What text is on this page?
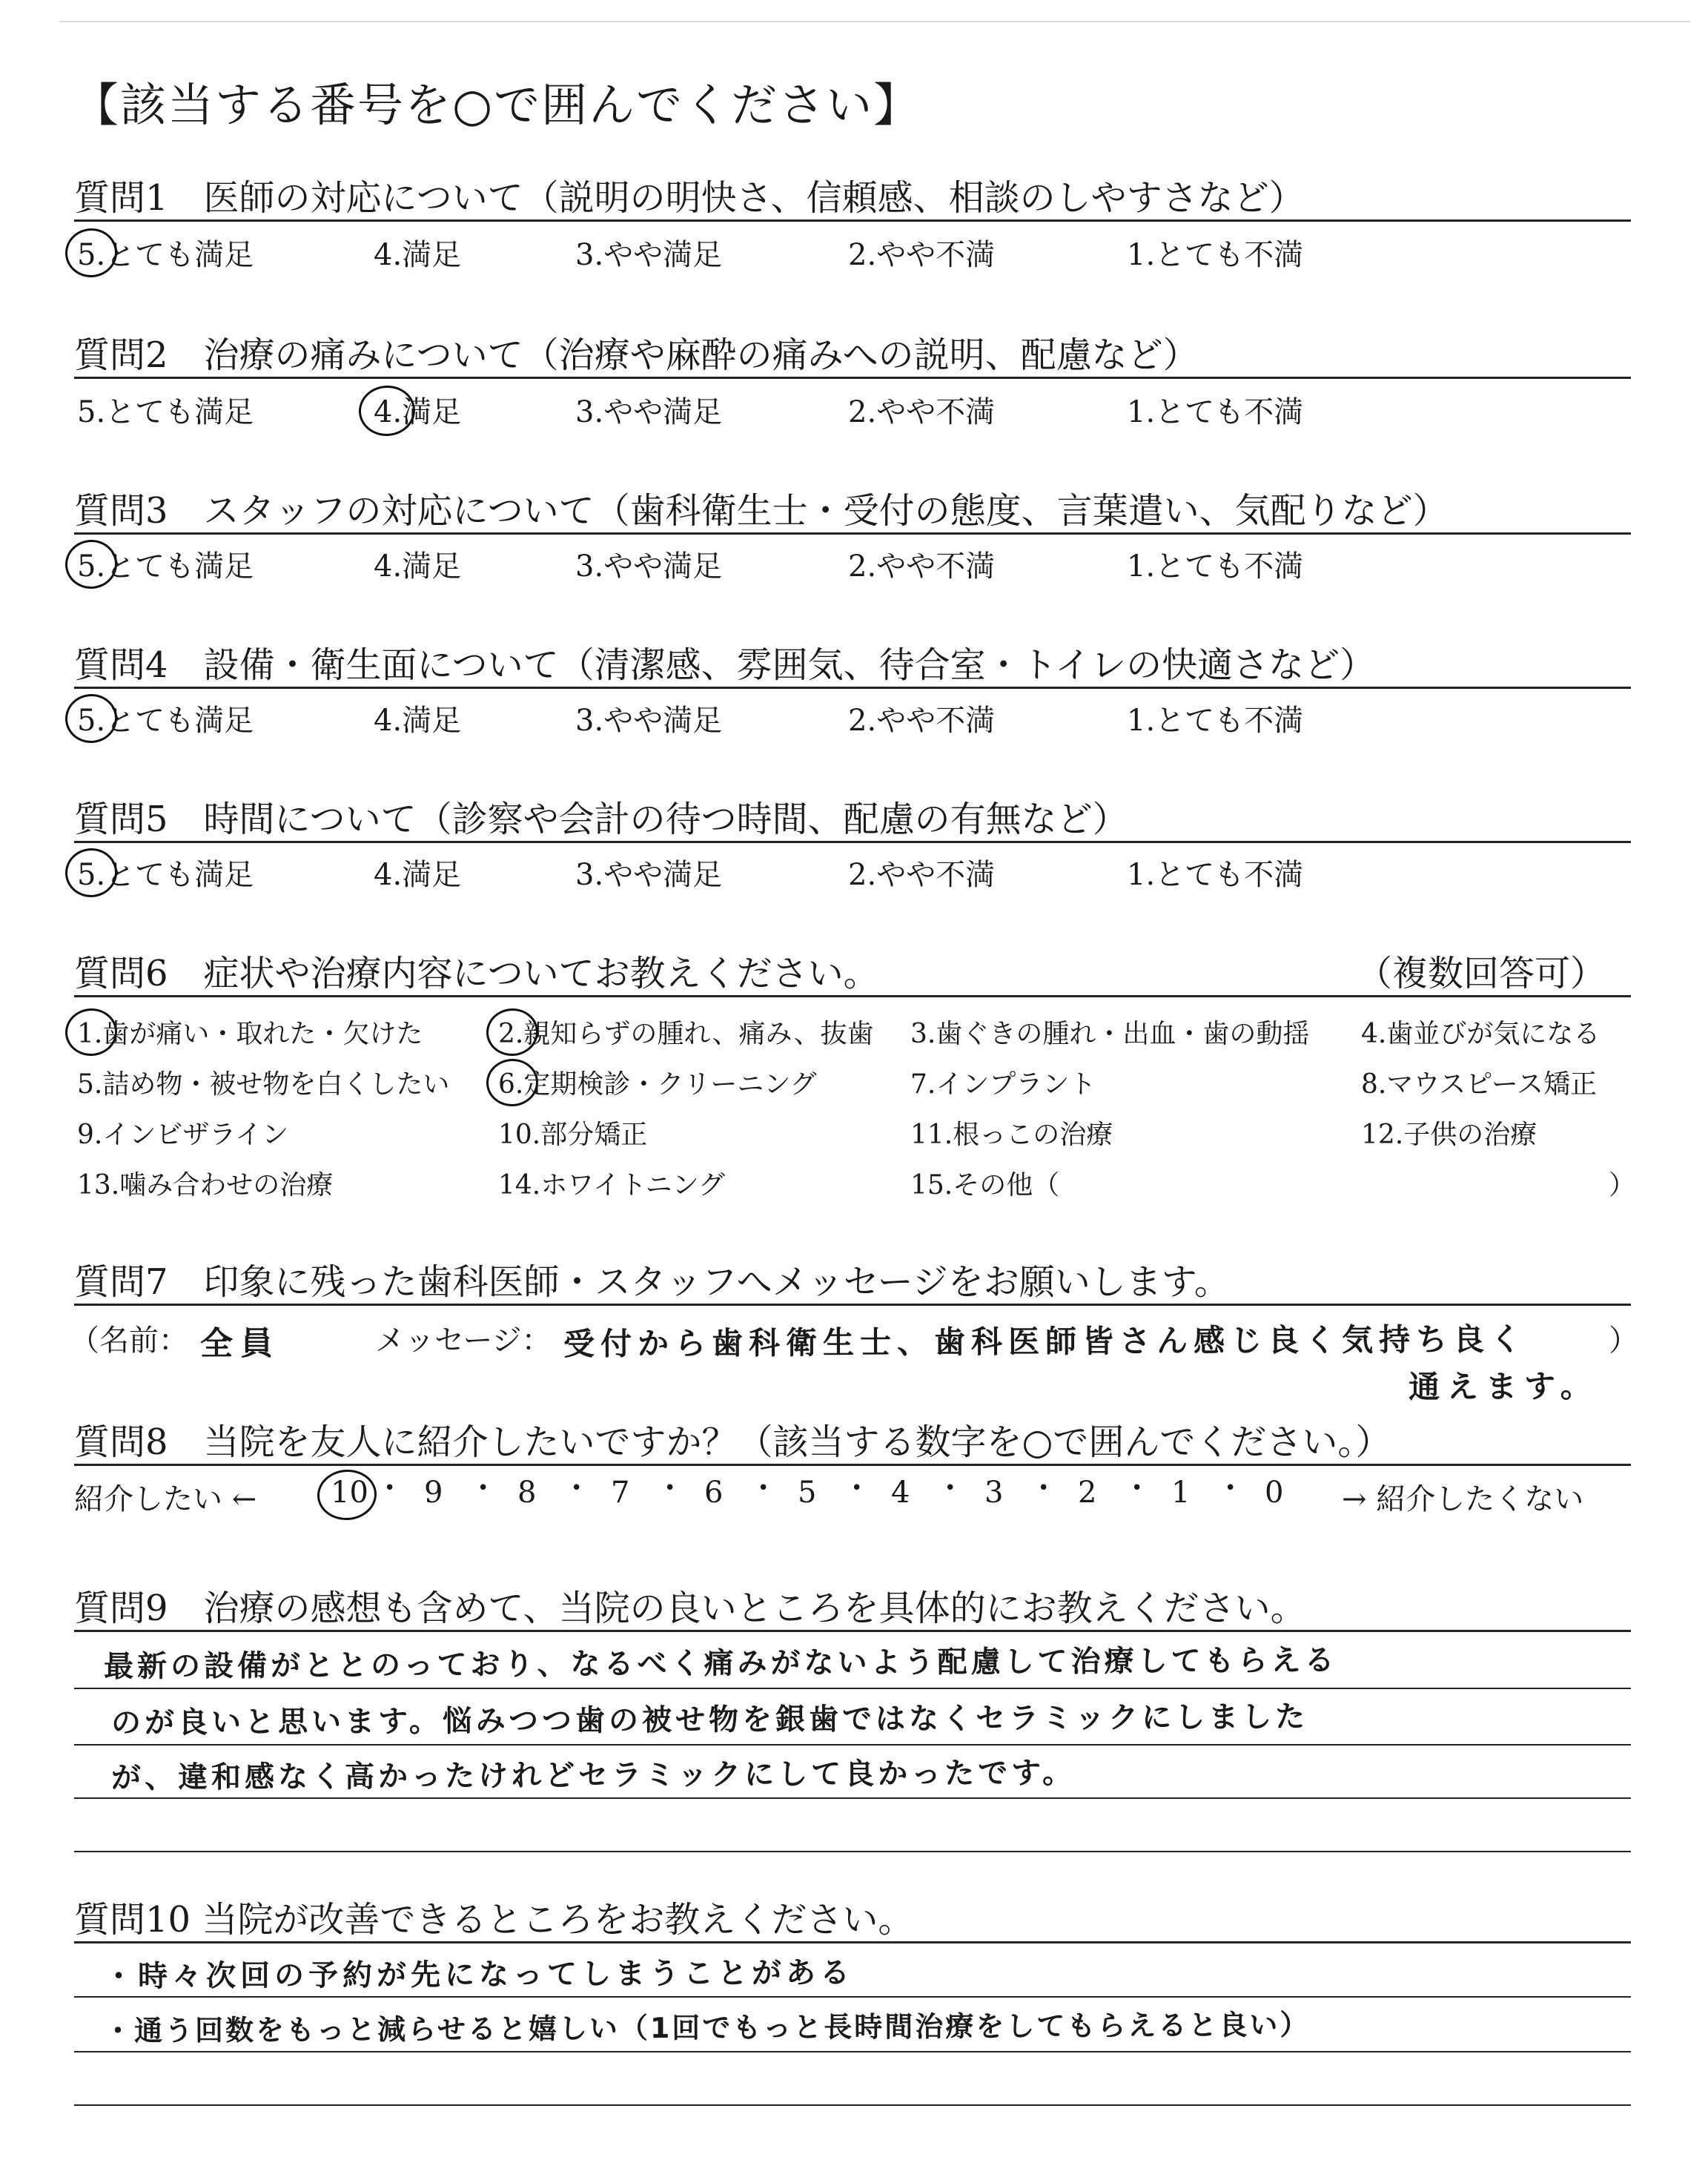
【該当する番号を○で囲んでください】
質問1　医師の対応について（説明の明快さ、信頼感、相談のしやすさなど）
5.とても満足	4.満足	3.やや満足	2.やや不満	1.とても不満
質問2　治療の痛みについて（治療や麻酔の痛みへの説明、配慮など）
5.とても満足	4.満足	3.やや満足	2.やや不満	1.とても不満
質問3　スタッフの対応について（歯科衛生士・受付の態度、言葉遣い、気配りなど）
5.とても満足	4.満足	3.やや満足	2.やや不満	1.とても不満
質問4　設備・衛生面について（清潔感、雰囲気、待合室・トイレの快適さなど）
5.とても満足	4.満足	3.やや満足	2.やや不満	1.とても不満
質問5　時間について（診察や会計の待つ時間、配慮の有無など）
5.とても満足	4.満足	3.やや満足	2.やや不満	1.とても不満
質問6　症状や治療内容についてお教えください。	（複数回答可）
1.歯が痛い・取れた・欠けた	2.親知らずの腫れ、痛み、抜歯 3.歯ぐきの腫れ・出血・歯の動揺 4.歯並びが気になる
5.詰め物・被せ物を白くしたい 6.定期検診・クリーニング	7.インプラント	8.マウスピース矯正
9.インビザライン	10.部分矯正	11.根っこの治療	12.子供の治療
13.噛み合わせの治療	14.ホワイトニング	15.その他（	）
質問7　印象に残った歯科医師・スタッフへメッセージをお願いします。
（名前： 全員	メッセージ： 受付から歯科衛生士、歯科医師皆さん感じ良く気持ち良く	）
通えます。
質問8　当院を友人に紹介したいですか？（該当する数字を○で囲んでください。）
紹介したい ←	→ 紹介したくない
10 • 9 • 8 • 7 • 6 • 5 • 4 • 3 • 2 • 1 • 0
質問9　治療の感想も含めて、当院の良いところを具体的にお教えください。
最新の設備がととのっており、なるべく痛みがないよう配慮して治療してもらえる
のが良いと思います。悩みつつ歯の被せ物を銀歯ではなくセラミックにしました
が、違和感なく高かったけれどセラミックにして良かったです。
質問10 当院が改善できるところをお教えください。
・時々次回の予約が先になってしまうことがある
・通う回数をもっと減らせると嬉しい（1回でもっと長時間治療をしてもらえると良い）
